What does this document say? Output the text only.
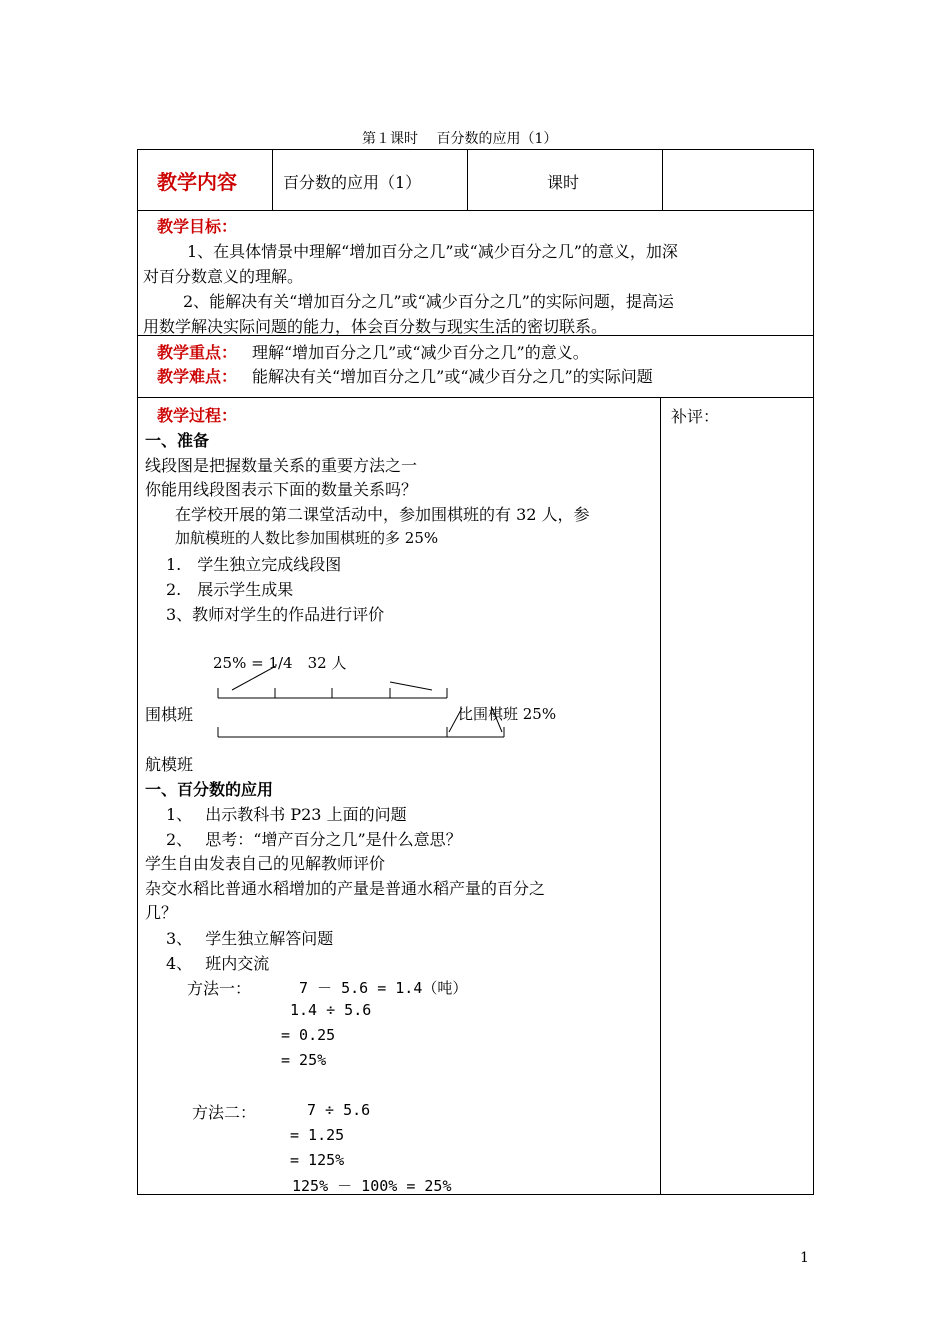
第１课时　 百分数的应用（1）
教学内容	百分数的应用（1）	课时
教学目标：
1、在具体情景中理解“增加百分之几”或“减少百分之几”的意义，加深
对百分数意义的理解。
2、能解决有关“增加百分之几”或“减少百分之几”的实际问题，提高运
用数学解决实际问题的能力，体会百分数与现实生活的密切联系。
教学重点： 理解“增加百分之几”或“减少百分之几”的意义。
教学难点： 能解决有关“增加百分之几”或“减少百分之几”的实际问题
教学过程：	补评：
一、准备
线段图是把握数量关系的重要方法之一
你能用线段图表示下面的数量关系吗？
在学校开展的第二课堂活动中，参加围棋班的有 32 人，参
加航模班的人数比参加围棋班的多 25%
1.　学生独立完成线段图
2.　展示学生成果
3、教师对学生的作品进行评价
25% = 1/4　32 人
围棋班	比围棋班 25%
航模班
一、百分数的应用
1、　 出示教科书 P23 上面的问题
2、　 思考：“增产百分之几”是什么意思？
学生自由发表自己的见解教师评价
杂交水稻比普通水稻增加的产量是普通水稻产量的百分之
几？
3、　 学生独立解答问题
4、　 班内交流
方法一：	7 － 5.6 = 1.4（吨）
1.4 ÷ 5.6
= 0.25
= 25%
方法二：	7 ÷ 5.6
= 1.25
= 125%
125% － 100% = 25%
1
